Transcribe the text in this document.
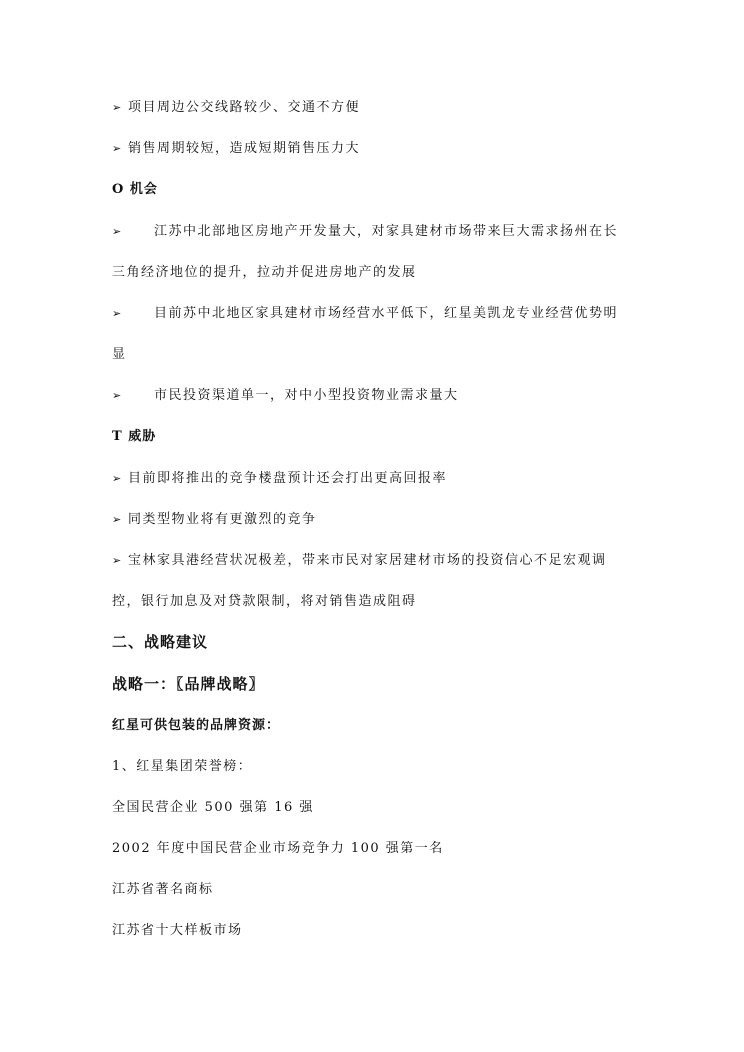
➢ 项目周边公交线路较少、交通不方便
➢ 销售周期较短，造成短期销售压力大
O 机会
➢ 江苏中北部地区房地产开发量大，对家具建材市场带来巨大需求扬州在长
三角经济地位的提升，拉动并促进房地产的发展
➢ 目前苏中北地区家具建材市场经营水平低下，红星美凯龙专业经营优势明
显
➢ 市民投资渠道单一，对中小型投资物业需求量大
T 威胁
➢ 目前即将推出的竞争楼盘预计还会打出更高回报率
➢ 同类型物业将有更激烈的竞争
➢ 宝林家具港经营状况极差，带来市民对家居建材市场的投资信心不足宏观调
控，银行加息及对贷款限制，将对销售造成阻碍
二、战略建议
战略一：〖品牌战略〗
红星可供包装的品牌资源：
1、红星集团荣誉榜：
全国民营企业 500 强第 16 强
2002 年度中国民营企业市场竞争力 100 强第一名
江苏省著名商标
江苏省十大样板市场
